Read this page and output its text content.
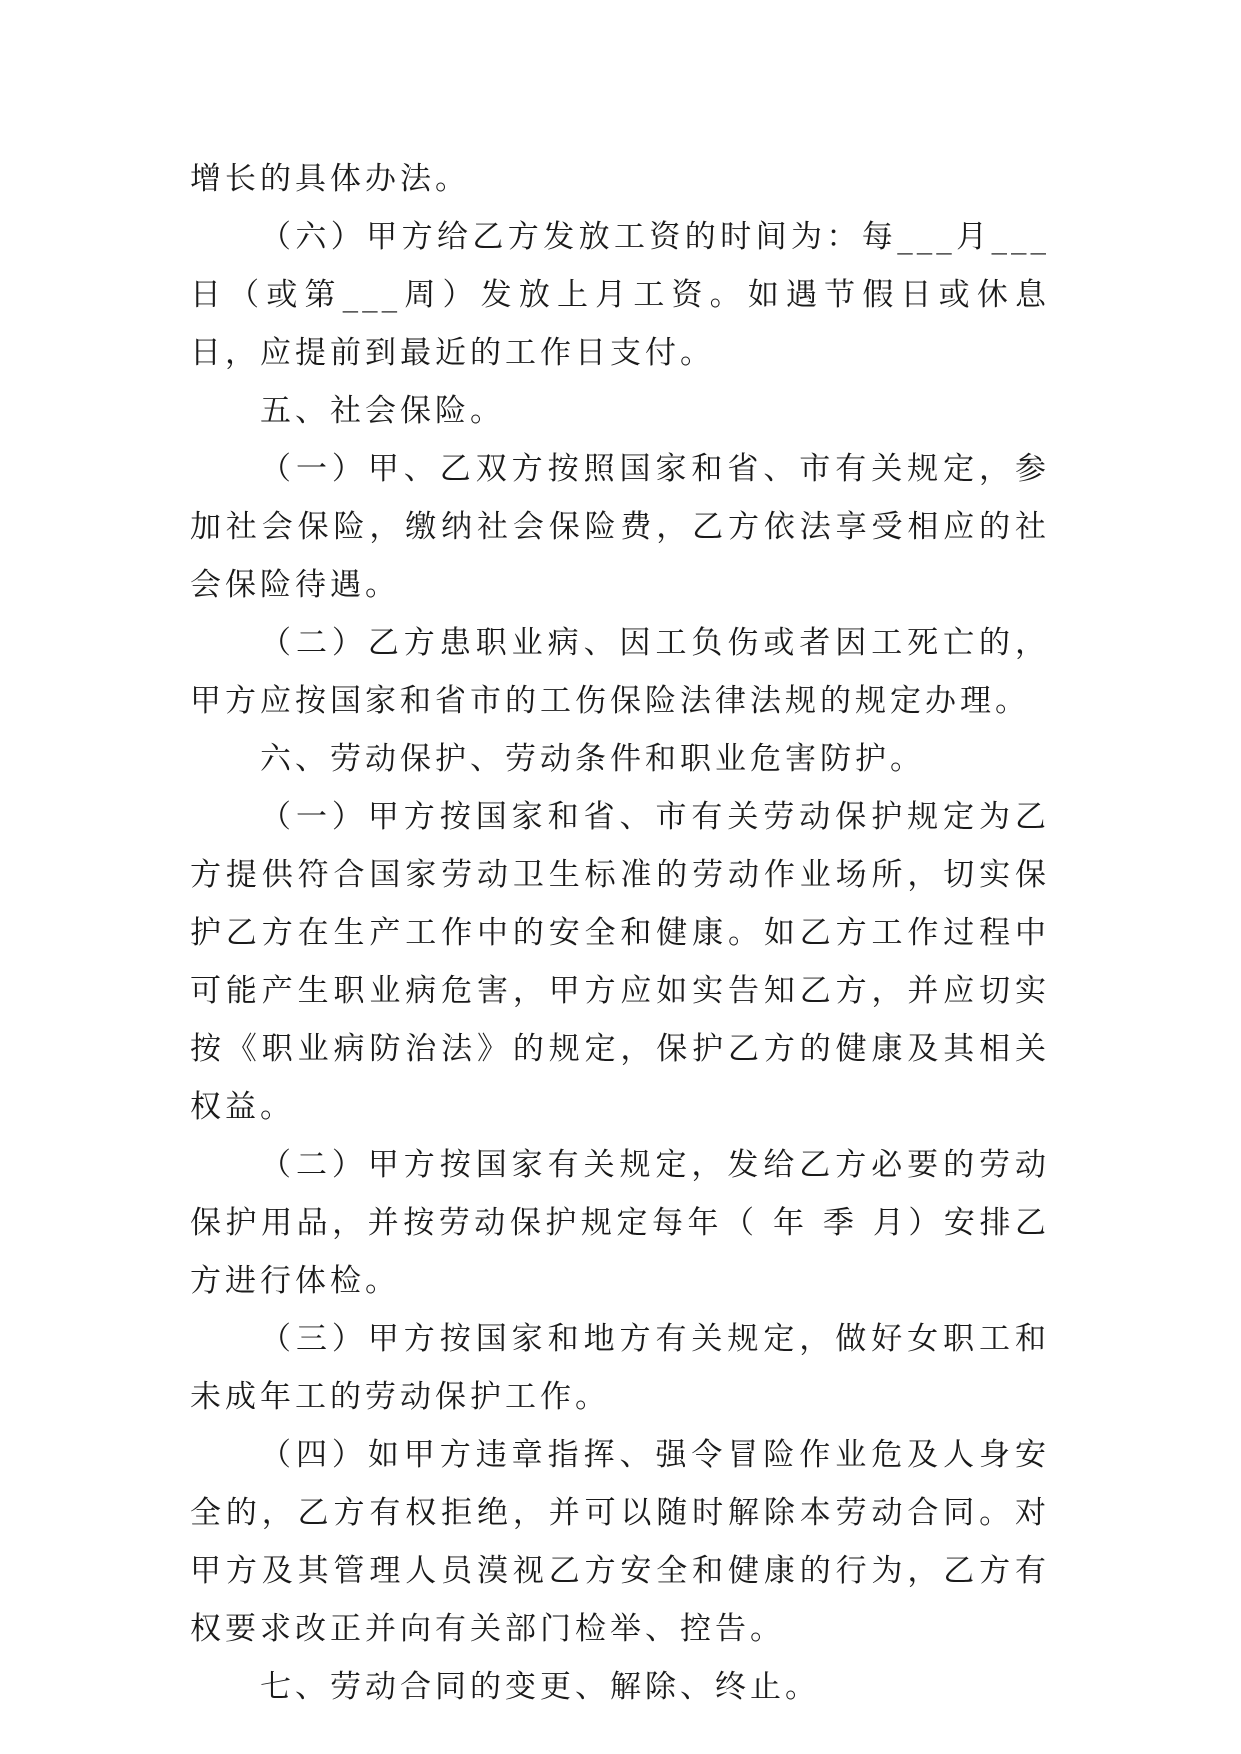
增长的具体办法。

（六）甲方给乙方发放工资的时间为：每___月___日（或第___周）发放上月工资。如遇节假日或休息日，应提前到最近的工作日支付。

五、社会保险。

（一）甲、乙双方按照国家和省、市有关规定，参加社会保险，缴纳社会保险费，乙方依法享受相应的社会保险待遇。

（二）乙方患职业病、因工负伤或者因工死亡的，甲方应按国家和省市的工伤保险法律法规的规定办理。

六、劳动保护、劳动条件和职业危害防护。

（一）甲方按国家和省、市有关劳动保护规定为乙方提供符合国家劳动卫生标准的劳动作业场所，切实保护乙方在生产工作中的安全和健康。如乙方工作过程中可能产生职业病危害，甲方应如实告知乙方，并应切实按《职业病防治法》的规定，保护乙方的健康及其相关权益。

（二）甲方按国家有关规定，发给乙方必要的劳动保护用品，并按劳动保护规定每年（ 年 季 月）安排乙方进行体检。

（三）甲方按国家和地方有关规定，做好女职工和未成年工的劳动保护工作。

（四）如甲方违章指挥、强令冒险作业危及人身安全的，乙方有权拒绝，并可以随时解除本劳动合同。对甲方及其管理人员漠视乙方安全和健康的行为，乙方有权要求改正并向有关部门检举、控告。

七、劳动合同的变更、解除、终止。
